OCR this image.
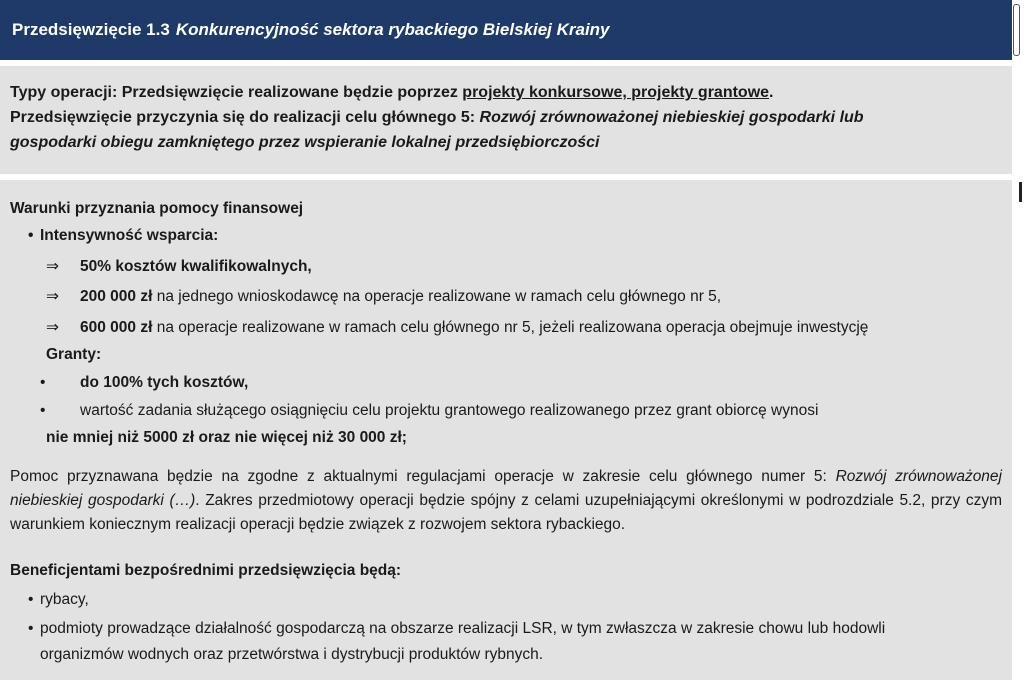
Przedsięwzięcie 1.3 Konkurencyjność sektora rybackiego Bielskiej Krainy
Typy operacji: Przedsięwzięcie realizowane będzie poprzez projekty konkursowe, projekty grantowe.
Przedsięwzięcie przyczynia się do realizacji celu głównego 5: Rozwój zrównoważonej niebieskiej gospodarki lub
gospodarki obiegu zamkniętego przez wspieranie lokalnej przedsiębiorczości
Warunki przyznania pomocy finansowej
• Intensywność wsparcia:
⇒ 50% kosztów kwalifikowalnych,
⇒ 200 000 zł na jednego wnioskodawcę na operacje realizowane w ramach celu głównego nr 5,
⇒ 600 000 zł na operacje realizowane w ramach celu głównego nr 5, jeżeli realizowana operacja obejmuje inwestycję
Granty:
• do 100% tych kosztów,
• wartość zadania służącego osiągnięciu celu projektu grantowego realizowanego przez grant obiorcę wynosi
nie mniej niż 5000 zł oraz nie więcej niż 30 000 zł;
Pomoc przyznawana będzie na zgodne z aktualnymi regulacjami operacje w zakresie celu głównego numer 5: Rozwój zrównoważonej niebieskiej gospodarki (…). Zakres przedmiotowy operacji będzie spójny z celami uzupełniającymi określonymi w podrozdziale 5.2, przy czym warunkiem koniecznym realizacji operacji będzie związek z rozwojem sektora rybackiego.
Beneficjentami bezpośrednimi przedsięwzięcia będą:
• rybacy,
• podmioty prowadzące działalność gospodarczą na obszarze realizacji LSR, w tym zwłaszcza w zakresie chowu lub hodowli
organizmów wodnych oraz przetwórstwa i dystrybucji produktów rybnych.
